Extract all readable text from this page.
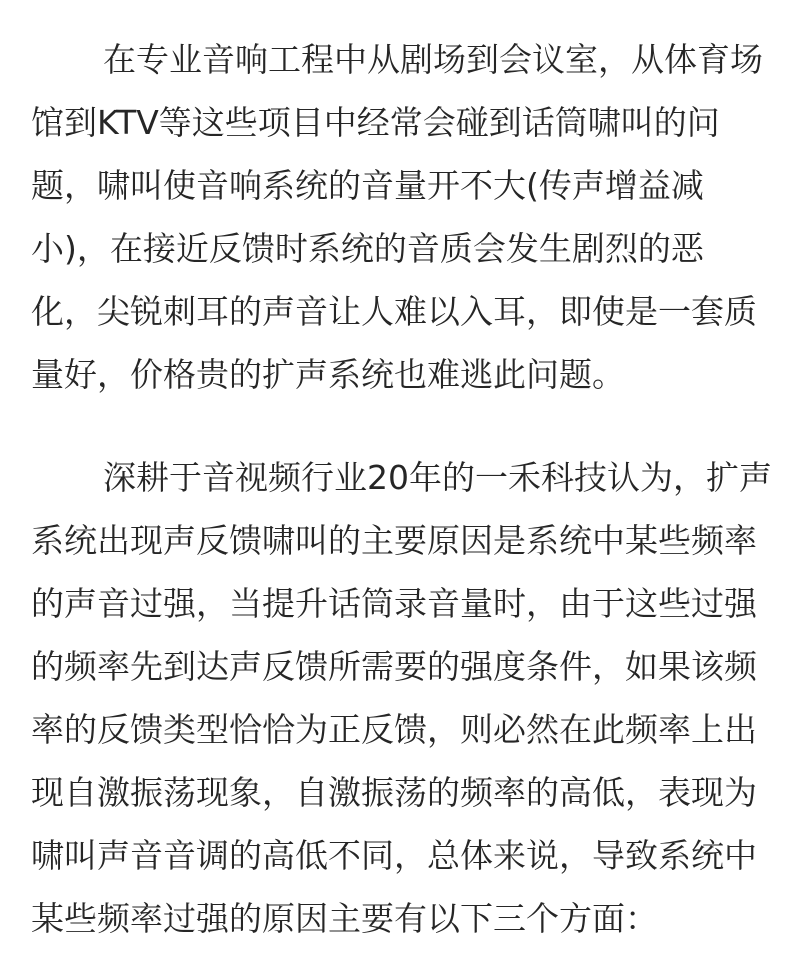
在专业音响工程中从剧场到会议室，从体育场
馆到KTV等这些项目中经常会碰到话筒啸叫的问
题，啸叫使音响系统的音量开不大(传声增益减
小)，在接近反馈时系统的音质会发生剧烈的恶
化，尖锐刺耳的声音让人难以入耳，即使是一套质
量好，价格贵的扩声系统也难逃此问题。
深耕于音视频行业20年的一禾科技认为，扩声
系统出现声反馈啸叫的主要原因是系统中某些频率
的声音过强，当提升话筒录音量时，由于这些过强
的频率先到达声反馈所需要的强度条件，如果该频
率的反馈类型恰恰为正反馈，则必然在此频率上出
现自激振荡现象，自激振荡的频率的高低，表现为
啸叫声音音调的高低不同，总体来说，导致系统中
某些频率过强的原因主要有以下三个方面：
